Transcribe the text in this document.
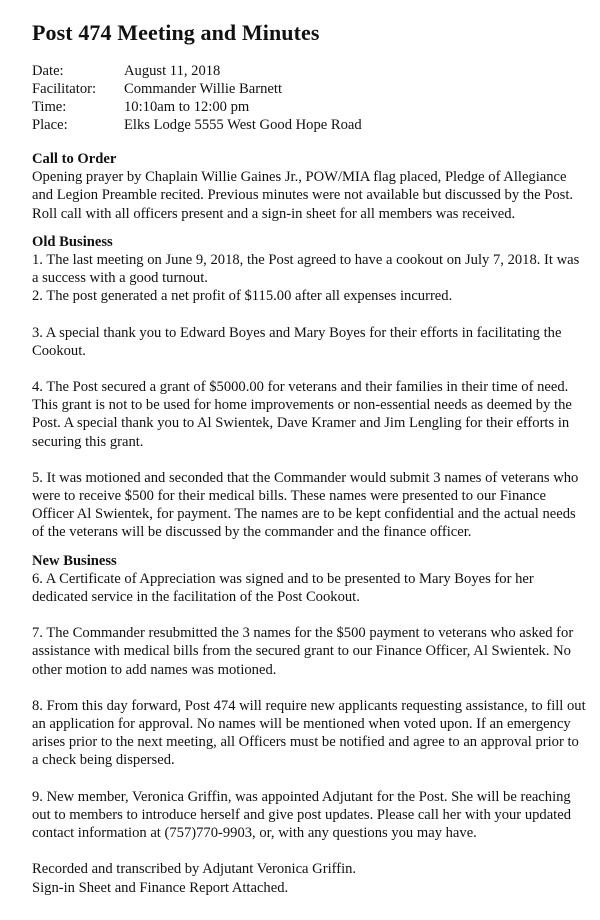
Post 474 Meeting and Minutes
Date:	August 11, 2018
Facilitator:	Commander Willie Barnett
Time:	10:10am to 12:00 pm
Place:	Elks Lodge 5555 West Good Hope Road

Call to Order

Opening prayer by Chaplain Willie Gaines Jr., POW/MIA flag placed, Pledge of Allegiance and Legion Preamble recited. Previous minutes were not available but discussed by the Post. Roll call with all officers present and a sign-in sheet for all members was received.

Old Business

1. The last meeting on June 9, 2018, the Post agreed to have a cookout on July 7, 2018. It was a success with a good turnout.

2. The post generated a net profit of $115.00 after all expenses incurred.

3. A special thank you to Edward Boyes and Mary Boyes for their efforts in facilitating the Cookout.

4. The Post secured a grant of $5000.00 for veterans and their families in their time of need. This grant is not to be used for home improvements or non-essential needs as deemed by the Post. A special thank you to Al Swientek, Dave Kramer and Jim Lengling for their efforts in securing this grant.

5. It was motioned and seconded that the Commander would submit 3 names of veterans who were to receive $500 for their medical bills. These names were presented to our Finance Officer Al Swientek, for payment. The names are to be kept confidential and the actual needs of the veterans will be discussed by the commander and the finance officer.

New Business

6. A Certificate of Appreciation was signed and to be presented to Mary Boyes for her dedicated service in the facilitation of the Post Cookout.

7. The Commander resubmitted the 3 names for the $500 payment to veterans who asked for assistance with medical bills from the secured grant to our Finance Officer, Al Swientek. No other motion to add names was motioned.

8. From this day forward, Post 474 will require new applicants requesting assistance, to fill out an application for approval. No names will be mentioned when voted upon. If an emergency arises prior to the next meeting, all Officers must be notified and agree to an approval prior to a check being dispersed.

9. New member, Veronica Griffin, was appointed Adjutant for the Post. She will be reaching out to members to introduce herself and give post updates. Please call her with your updated contact information at (757)770-9903, or, with any questions you may have.

Recorded and transcribed by Adjutant Veronica Griffin.

Sign-in Sheet and Finance Report Attached.
